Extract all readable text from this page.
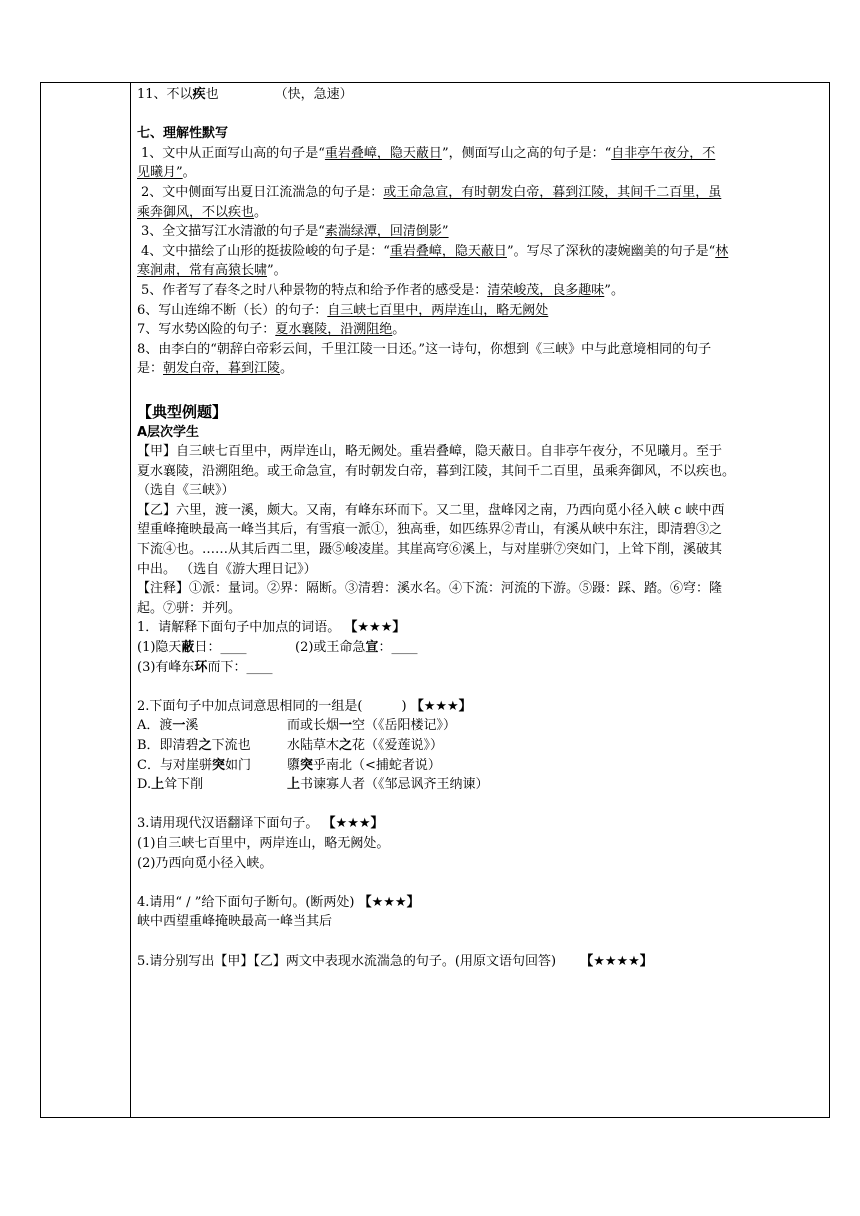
11、不以疾也	（快，急速）
七、理解性默写
1、文中从正面写山高的句子是“重岩叠嶂，隐天蔽日”，侧面写山之高的句子是：“自非亭午夜分，不
见曦月”。
2、文中侧面写出夏日江流湍急的句子是：或王命急宣，有时朝发白帝，暮到江陵，其间千二百里，虽
乘奔御风，不以疾也。
3、全文描写江水清澈的句子是“素湍绿潭，回清倒影”
4、文中描绘了山形的挺拔险峻的句子是：“重岩叠嶂，隐天蔽日”。写尽了深秋的凄婉幽美的句子是“林
寒涧肃，常有高猿长啸”。
5、作者写了春冬之时八种景物的特点和给予作者的感受是：清荣峻茂，良多趣味”。
6、写山连绵不断（长）的句子：自三峡七百里中，两岸连山，略无阙处
7、写水势凶险的句子：夏水襄陵，沿溯阻绝。
8、由李白的“朝辞白帝彩云间，千里江陵一日还。”这一诗句，你想到《三峡》中与此意境相同的句子
是：朝发白帝，暮到江陵。
【典型例题】
A层次学生
【甲】自三峡七百里中，两岸连山，略无阙处。重岩叠嶂，隐天蔽日。自非亭午夜分，不见曦月。至于
夏水襄陵，沿溯阻绝。或王命急宣，有时朝发白帝，暮到江陵，其间千二百里，虽乘奔御风，不以疾也。
（选自《三峡》）
【乙】六里，渡一溪，颇大。又南，有峰东环而下。又二里，盘峰冈之南，乃西向觅小径入峡 c 峡中西
望重峰掩映最高一峰当其后，有雪痕一派①，独高垂，如匹练界②青山，有溪从峡中东注，即清碧③之
下流④也。……从其后西二里，蹑⑤峻凌崖。其崖高穹⑥溪上，与对崖骈⑦突如门，上耸下削，溪破其
中出。 （选自《游大理日记》）
【注释】①派：量词。②界：隔断。③清碧：溪水名。④下流：河流的下游。⑤蹑：踩、踏。⑥穹：隆
起。⑦骈：并列。
1．请解释下面句子中加点的词语。 【★★★】
(1)隐天蔽日：____	(2)或王命急宣：____
(3)有峰东环而下：____
2.下面句子中加点词意思相同的一组是(　　　) 【★★★】
A．渡一溪	而或长烟一空（《岳阳楼记》）
B．即清碧之下流也	水陆草木之花（《爱莲说》）
C．与对崖骈突如门	隳突乎南北（<捕蛇者说）
D.上耸下削	上书谏寡人者（《邹忌讽齐王纳谏）
3.请用现代汉语翻译下面句子。 【★★★】
(1)自三峡七百里中，两岸连山，略无阙处。
(2)乃西向觅小径入峡。
4.请用“ / ”给下面句子断句。(断两处) 【★★★】
峡中西望重峰掩映最高一峰当其后
5.请分别写出【甲】【乙】两文中表现水流湍急的句子。(用原文语句回答) 【★★★★】
